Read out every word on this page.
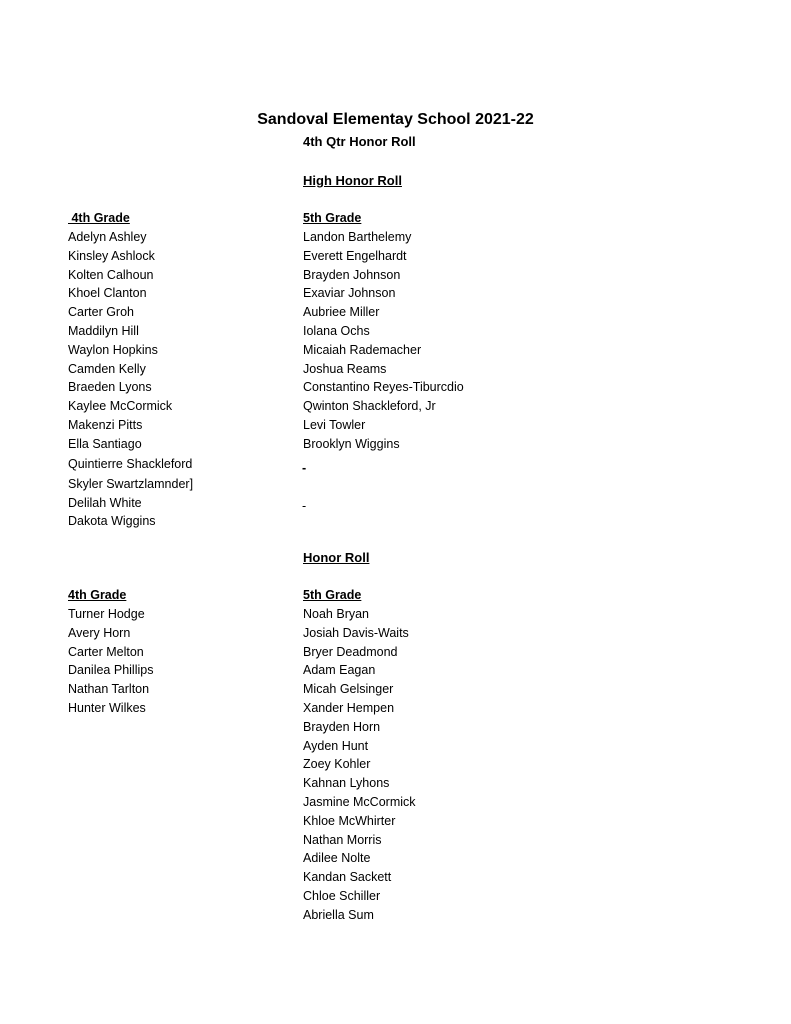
Sandoval Elementay School 2021-22
4th Qtr Honor Roll
High Honor Roll
4th Grade
Adelyn Ashley
Kinsley Ashlock
Kolten Calhoun
Khoel Clanton
Carter Groh
Maddilyn Hill
Waylon Hopkins
Camden Kelly
Braeden Lyons
Kaylee McCormick
Makenzi Pitts
Ella Santiago
Quintierre Shackleford
Skyler Swartzlamnder]
Delilah White
Dakota Wiggins
5th Grade
Landon Barthelemy
Everett Engelhardt
Brayden Johnson
Exaviar Johnson
Aubriee Miller
Iolana Ochs
Micaiah Rademacher
Joshua Reams
Constantino Reyes-Tiburcdio
Qwinton Shackleford, Jr
Levi Towler
Brooklyn Wiggins
-
-
Honor Roll
4th Grade
Turner Hodge
Avery Horn
Carter Melton
Danilea Phillips
Nathan Tarlton
Hunter Wilkes
5th Grade
Noah Bryan
Josiah Davis-Waits
Bryer Deadmond
Adam Eagan
Micah Gelsinger
Xander Hempen
Brayden Horn
Ayden Hunt
Zoey Kohler
Kahnan Lyhons
Jasmine McCormick
Khloe McWhirter
Nathan Morris
Adilee Nolte
Kandan Sackett
Chloe Schiller
Abriella Sum
